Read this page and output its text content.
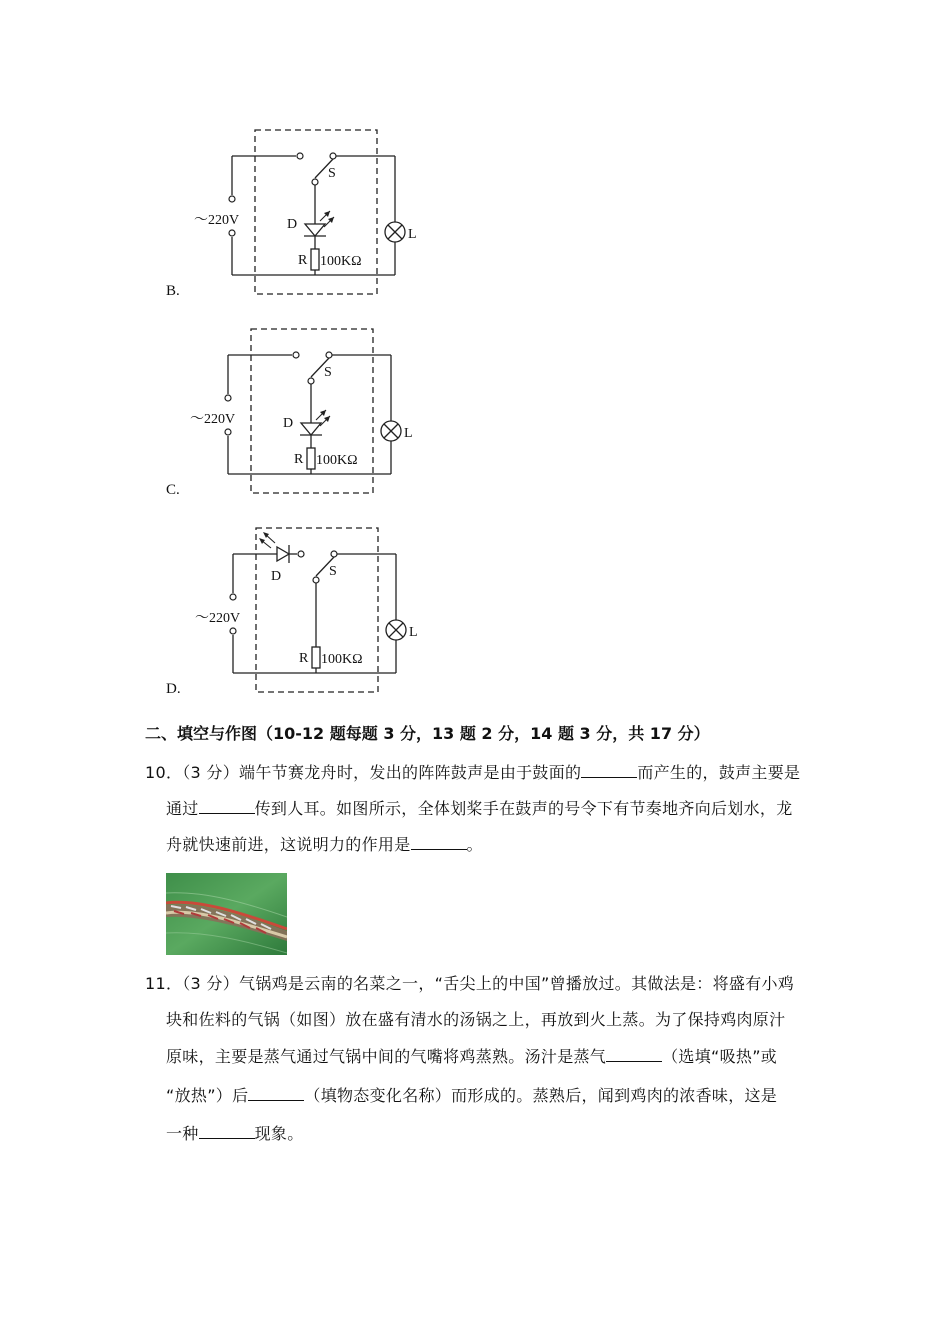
S
D
R 100KΩ
L
～220V
B.
S
D
R 100KΩ
L
～220V
C.
D	S
R 100KΩ
L
～220V
D.
二、填空与作图（10-12 题每题 3 分，13 题 2 分，14 题 3 分，共 17 分）
10．（3 分）端午节赛龙舟时，发出的阵阵鼓声是由于鼓面的	而产生的，鼓声主要是
通过	传到人耳。如图所示，全体划桨手在鼓声的号令下有节奏地齐向后划水，龙
舟就快速前进，这说明力的作用是	。
11．（3 分）气锅鸡是云南的名菜之一，“舌尖上的中国”曾播放过。其做法是：将盛有小鸡
块和佐料的气锅（如图）放在盛有清水的汤锅之上，再放到火上蒸。为了保持鸡肉原汁
原味，主要是蒸气通过气锅中间的气嘴将鸡蒸熟。汤汁是蒸气	（选填“吸热”或
“放热”）后	（填物态变化名称）而形成的。蒸熟后，闻到鸡肉的浓香味，这是
一种	现象。
